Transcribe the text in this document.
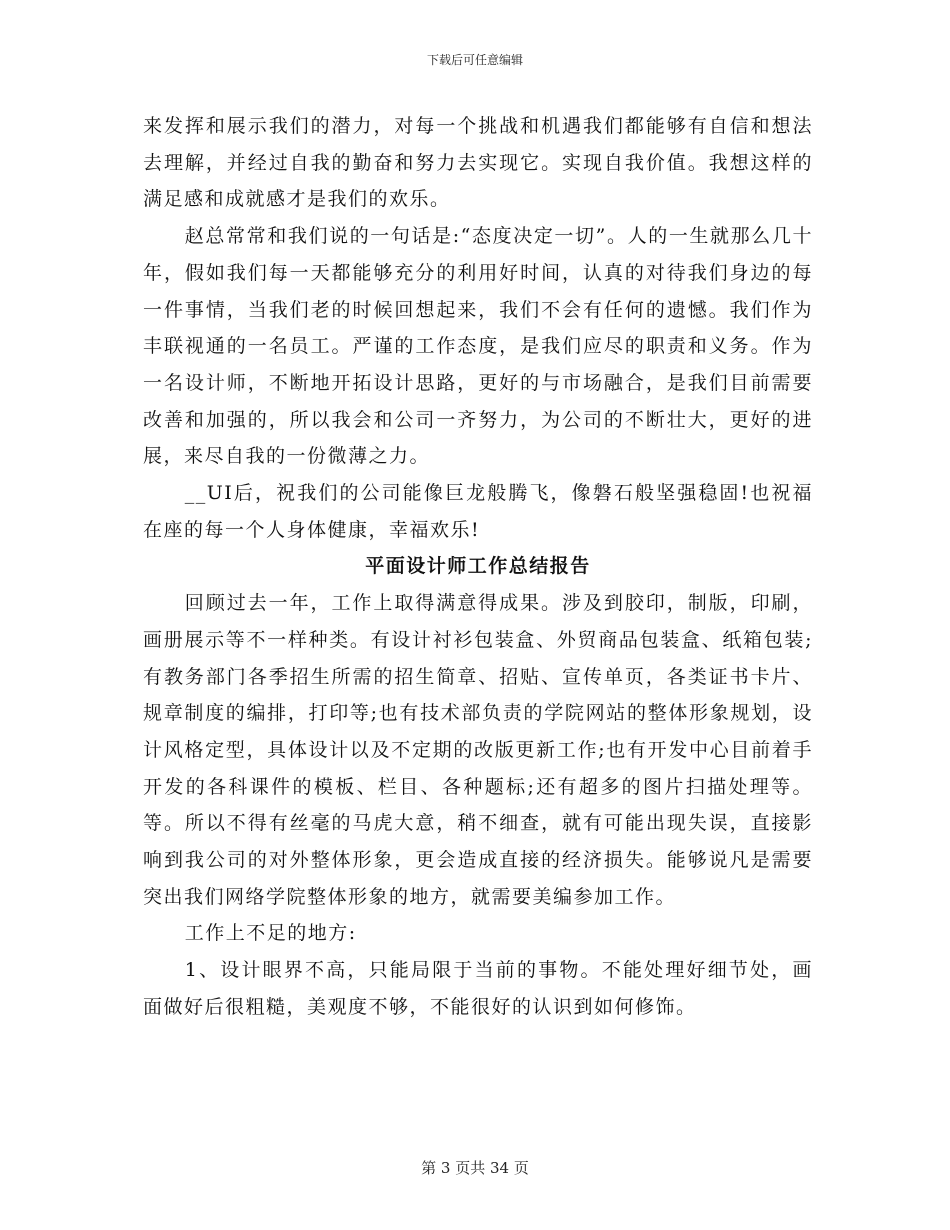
下载后可任意编辑

来发挥和展示我们的潜力，对每一个挑战和机遇我们都能够有自信和想法去理解，并经过自我的勤奋和努力去实现它。实现自我价值。我想这样的满足感和成就感才是我们的欢乐。

赵总常常和我们说的一句话是:“态度决定一切”。人的一生就那么几十年，假如我们每一天都能够充分的利用好时间，认真的对待我们身边的每一件事情，当我们老的时候回想起来，我们不会有任何的遗憾。我们作为丰联视通的一名员工。严谨的工作态度，是我们应尽的职责和义务。作为一名设计师，不断地开拓设计思路，更好的与市场融合，是我们目前需要改善和加强的，所以我会和公司一齐努力，为公司的不断壮大，更好的进展，来尽自我的一份微薄之力。

__UI后，祝我们的公司能像巨龙般腾飞，像磐石般坚强稳固!也祝福在座的每一个人身体健康，幸福欢乐!

平面设计师工作总结报告

回顾过去一年，工作上取得满意得成果。涉及到胶印，制版，印刷，画册展示等不一样种类。有设计衬衫包装盒、外贸商品包装盒、纸箱包装;有教务部门各季招生所需的招生简章、招贴、宣传单页，各类证书卡片、规章制度的编排，打印等;也有技术部负责的学院网站的整体形象规划，设计风格定型，具体设计以及不定期的改版更新工作;也有开发中心目前着手开发的各科课件的模板、栏目、各种题标;还有超多的图片扫描处理等。等。所以不得有丝毫的马虎大意，稍不细查，就有可能出现失误，直接影响到我公司的对外整体形象，更会造成直接的经济损失。能够说凡是需要突出我们网络学院整体形象的地方，就需要美编参加工作。

工作上不足的地方:

1、设计眼界不高，只能局限于当前的事物。不能处理好细节处，画面做好后很粗糙，美观度不够，不能很好的认识到如何修饰。

第 3 页共 34 页
